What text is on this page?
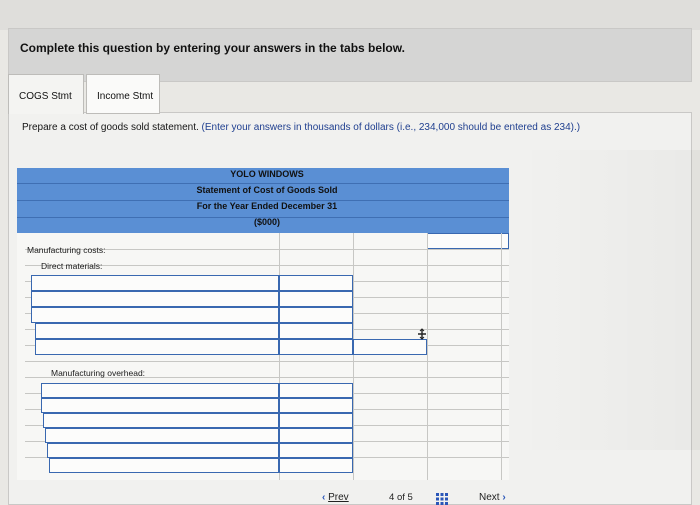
Complete this question by entering your answers in the tabs below.
COGS Stmt	Income Stmt
Prepare a cost of goods sold statement. (Enter your answers in thousands of dollars (i.e., 234,000 should be entered as 234).)
YOLO WINDOWS
Statement of Cost of Goods Sold
For the Year Ended December 31
($000)
Manufacturing costs:
Direct materials:
Manufacturing overhead:
‹ Prev	4 of 5	Next ›
